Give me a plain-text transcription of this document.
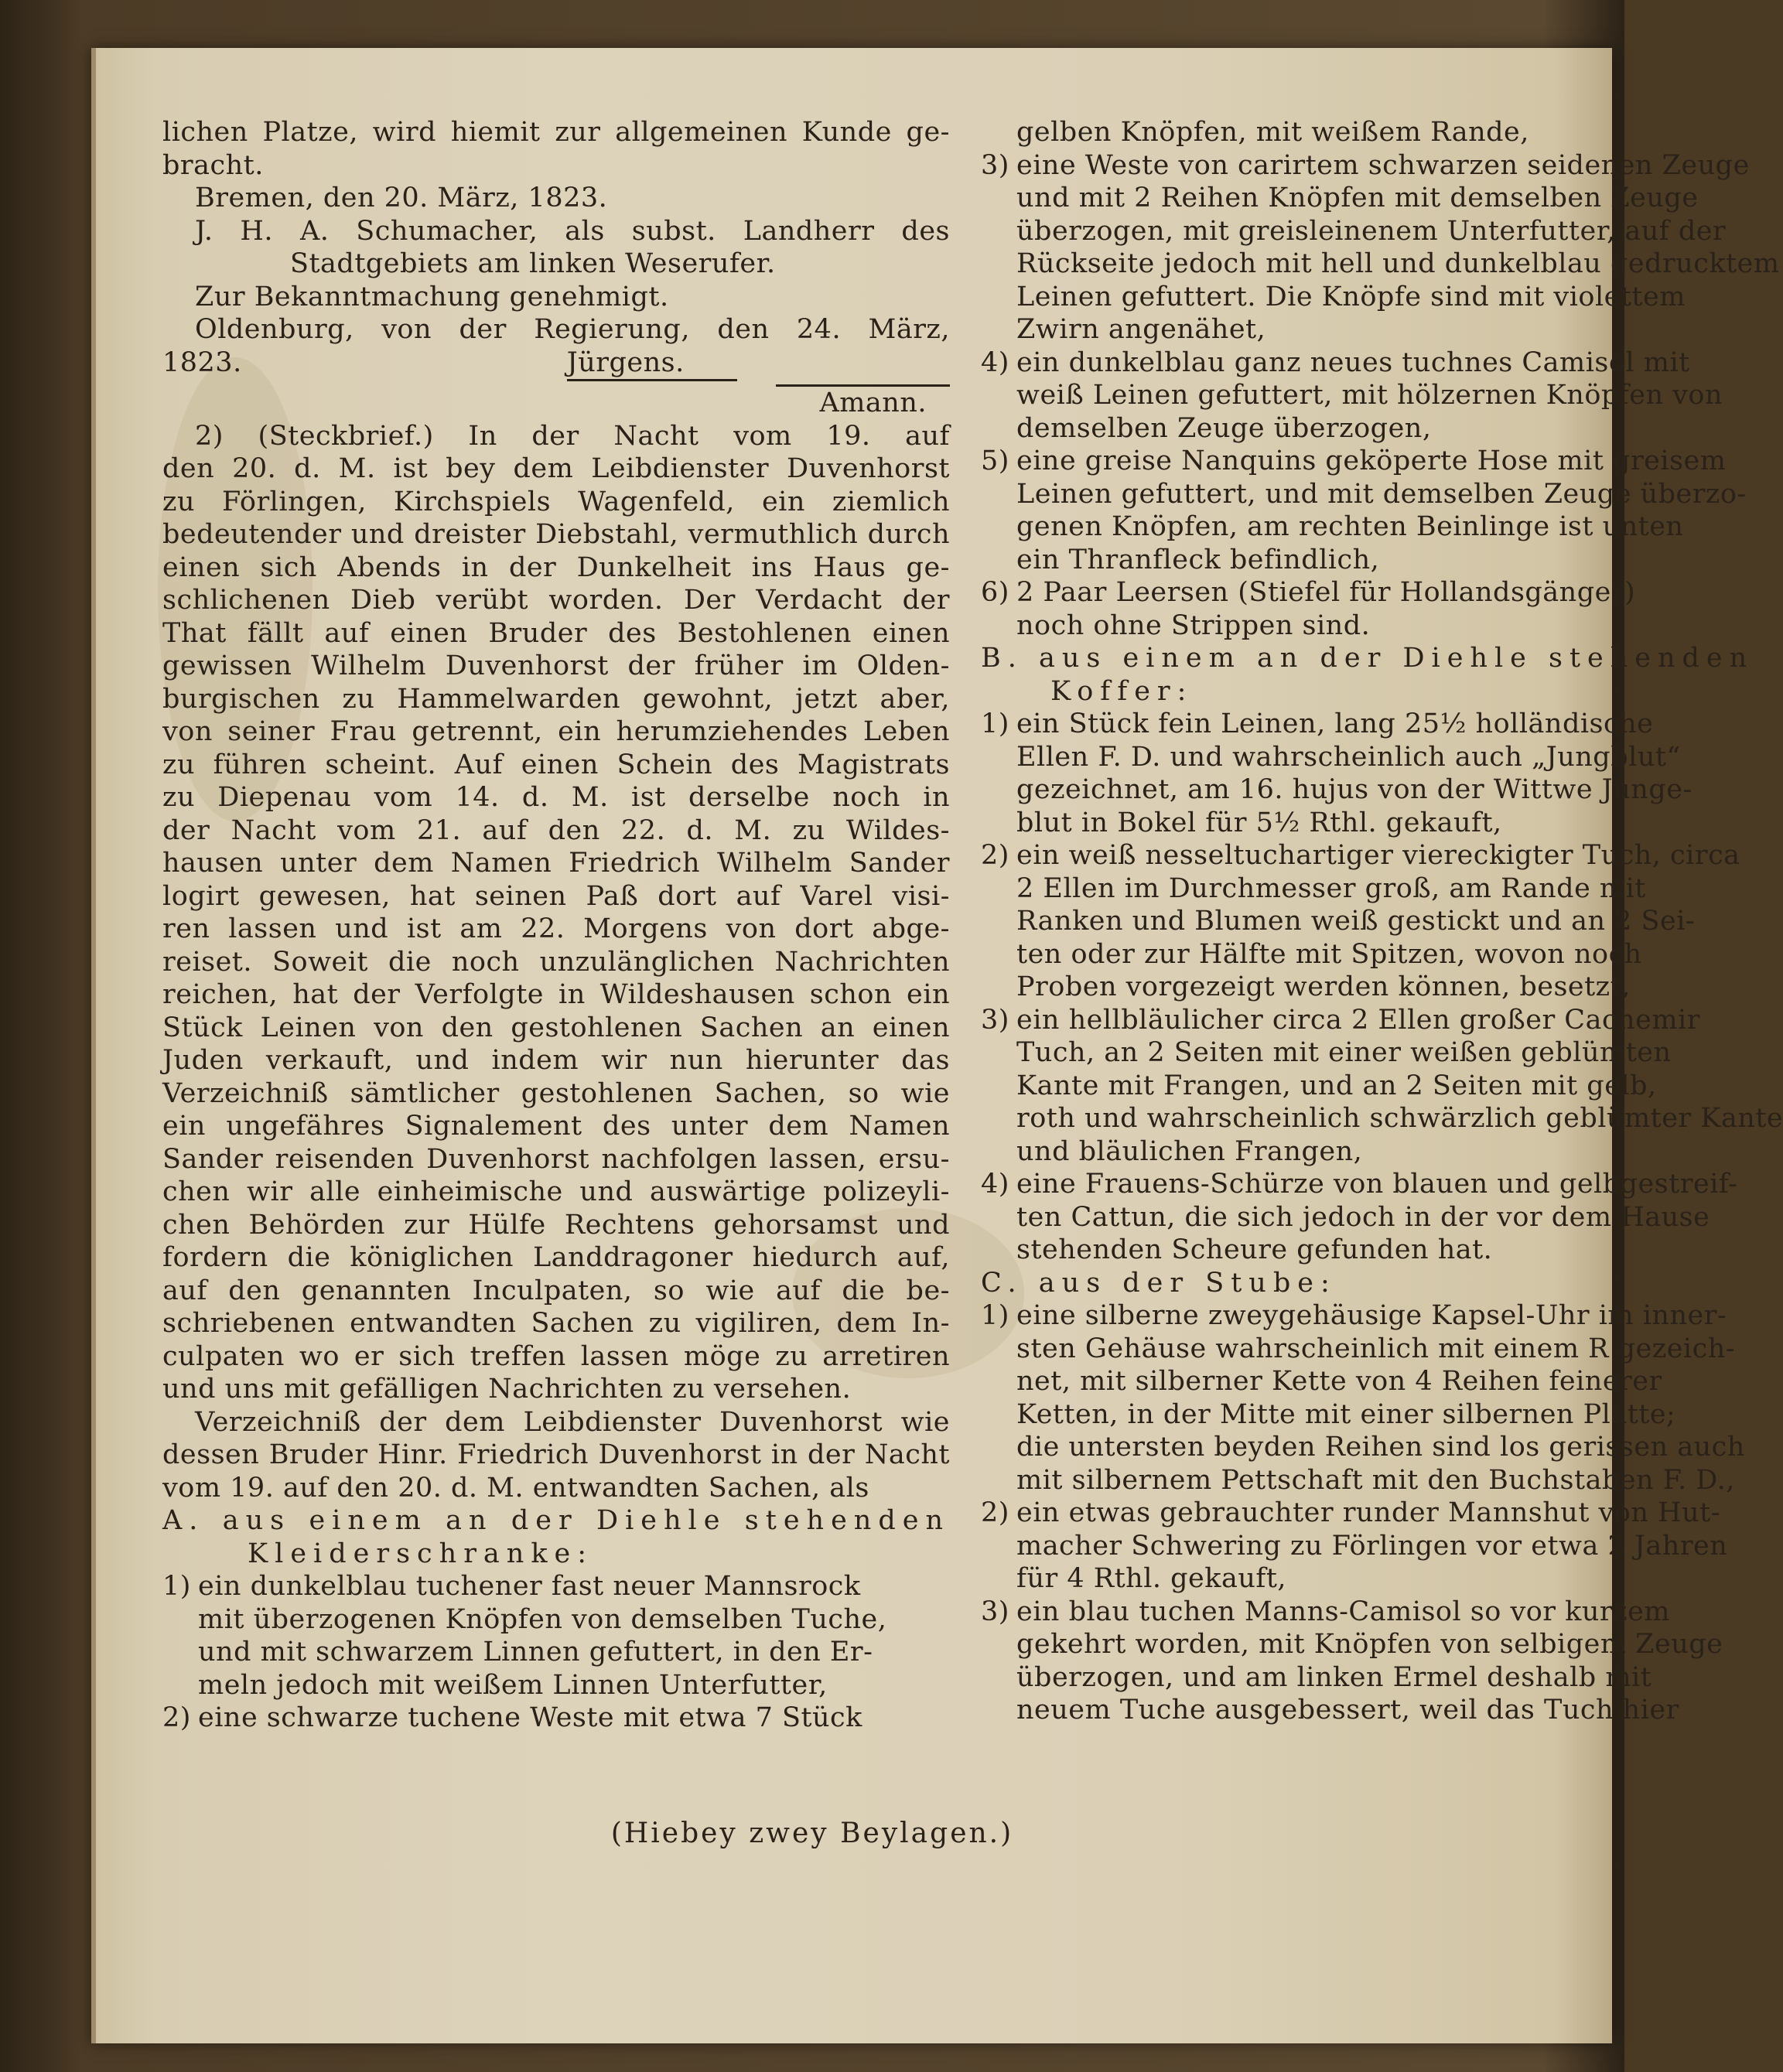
lichen Platze, wird hiemit zur allgemeinen Kunde ge-
bracht.
Bremen, den 20. März, 1823.
J. H. A. Schumacher, als subst. Landherr des
Stadtgebiets am linken Weserufer.
Zur Bekanntmachung genehmigt.
Oldenburg, von der Regierung, den 24. März,
1823.	Jürgens.
Amann.
2) (Steckbrief.) In der Nacht vom 19. auf
den 20. d. M. ist bey dem Leibdienster Duvenhorst
zu Förlingen, Kirchspiels Wagenfeld, ein ziemlich
bedeutender und dreister Diebstahl, vermuthlich durch
einen sich Abends in der Dunkelheit ins Haus ge-
schlichenen Dieb verübt worden. Der Verdacht der
That fällt auf einen Bruder des Bestohlenen einen
gewissen Wilhelm Duvenhorst der früher im Olden-
burgischen zu Hammelwarden gewohnt, jetzt aber,
von seiner Frau getrennt, ein herumziehendes Leben
zu führen scheint. Auf einen Schein des Magistrats
zu Diepenau vom 14. d. M. ist derselbe noch in
der Nacht vom 21. auf den 22. d. M. zu Wildes-
hausen unter dem Namen Friedrich Wilhelm Sander
logirt gewesen, hat seinen Paß dort auf Varel visi-
ren lassen und ist am 22. Morgens von dort abge-
reiset. Soweit die noch unzulänglichen Nachrichten
reichen, hat der Verfolgte in Wildeshausen schon ein
Stück Leinen von den gestohlenen Sachen an einen
Juden verkauft, und indem wir nun hierunter das
Verzeichniß sämtlicher gestohlenen Sachen, so wie
ein ungefähres Signalement des unter dem Namen
Sander reisenden Duvenhorst nachfolgen lassen, ersu-
chen wir alle einheimische und auswärtige polizeyli-
chen Behörden zur Hülfe Rechtens gehorsamst und
fordern die königlichen Landdragoner hiedurch auf,
auf den genannten Inculpaten, so wie auf die be-
schriebenen entwandten Sachen zu vigiliren, dem In-
culpaten wo er sich treffen lassen möge zu arretiren
und uns mit gefälligen Nachrichten zu versehen.
Verzeichniß der dem Leibdienster Duvenhorst wie
dessen Bruder Hinr. Friedrich Duvenhorst in der Nacht
vom 19. auf den 20. d. M. entwandten Sachen, als
A. aus einem an der Diehle stehenden
Kleiderschranke:
1) ein dunkelblau tuchener fast neuer Mannsrock
mit überzogenen Knöpfen von demselben Tuche,
und mit schwarzem Linnen gefuttert, in den Er-
meln jedoch mit weißem Linnen Unterfutter,
2) eine schwarze tuchene Weste mit etwa 7 Stück
gelben Knöpfen, mit weißem Rande,
3) eine Weste von carirtem schwarzen seidenen Zeuge
und mit 2 Reihen Knöpfen mit demselben Zeuge
überzogen, mit greisleinenem Unterfutter, auf der
Rückseite jedoch mit hell und dunkelblau gedrucktem
Leinen gefuttert. Die Knöpfe sind mit violettem
Zwirn angenähet,
4) ein dunkelblau ganz neues tuchnes Camisol mit
weiß Leinen gefuttert, mit hölzernen Knöpfen von
demselben Zeuge überzogen,
5) eine greise Nanquins geköperte Hose mit greisem
Leinen gefuttert, und mit demselben Zeuge überzo-
genen Knöpfen, am rechten Beinlinge ist unten
ein Thranfleck befindlich,
6) 2 Paar Leersen (Stiefel für Hollandsgänger)
noch ohne Strippen sind.
B. aus einem an der Diehle stehenden
Koffer:
1) ein Stück fein Leinen, lang 25½ holländische
Ellen F. D. und wahrscheinlich auch „Jungblut“
gezeichnet, am 16. hujus von der Wittwe Junge-
blut in Bokel für 5½ Rthl. gekauft,
2) ein weiß nesseltuchartiger viereckigter Tuch, circa
2 Ellen im Durchmesser groß, am Rande mit
Ranken und Blumen weiß gestickt und an 2 Sei-
ten oder zur Hälfte mit Spitzen, wovon noch
Proben vorgezeigt werden können, besetzt,
3) ein hellbläulicher circa 2 Ellen großer Cachemir
Tuch, an 2 Seiten mit einer weißen geblümten
Kante mit Frangen, und an 2 Seiten mit gelb,
roth und wahrscheinlich schwärzlich geblümter Kante
und bläulichen Frangen,
4) eine Frauens-Schürze von blauen und gelbgestreif-
ten Cattun, die sich jedoch in der vor dem Hause
stehenden Scheure gefunden hat.
C. aus der Stube:
1) eine silberne zweygehäusige Kapsel-Uhr im inner-
sten Gehäuse wahrscheinlich mit einem R gezeich-
net, mit silberner Kette von 4 Reihen feinerer
Ketten, in der Mitte mit einer silbernen Platte;
die untersten beyden Reihen sind los gerissen auch
mit silbernem Pettschaft mit den Buchstaben F. D.,
2) ein etwas gebrauchter runder Mannshut von Hut-
macher Schwering zu Förlingen vor etwa 2 Jahren
für 4 Rthl. gekauft,
3) ein blau tuchen Manns-Camisol so vor kurzem
gekehrt worden, mit Knöpfen von selbigem Zeuge
überzogen, und am linken Ermel deshalb mit
neuem Tuche ausgebessert, weil das Tuch hier
(Hiebey zwey Beylagen.)
